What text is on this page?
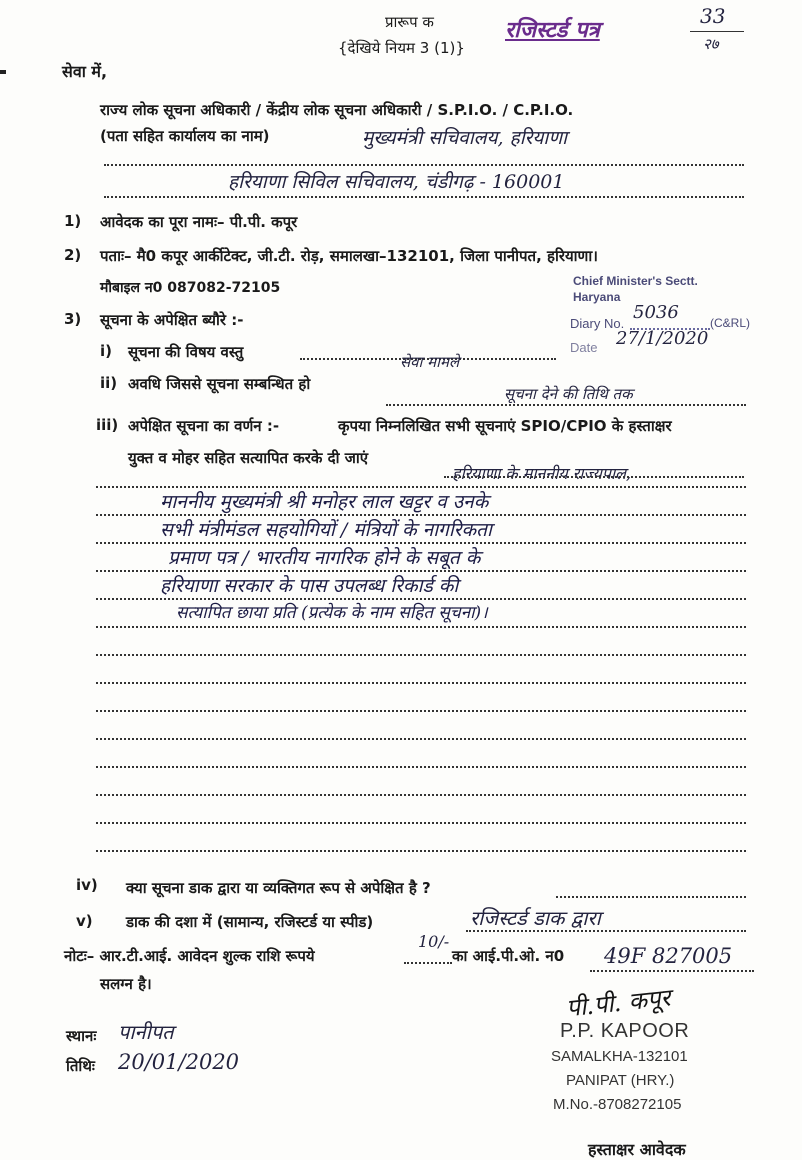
प्रारूप क
{देखिये नियम 3 (1)}
रजिस्टर्ड पत्र
33
२७
सेवा में,
राज्य लोक सूचना अधिकारी / केंद्रीय लोक सूचना अधिकारी / S.P.I.O. / C.P.I.O.
(पता सहित कार्यालय का नाम)	मुख्यमंत्री सचिवालय, हरियाणा
हरियाणा सिविल सचिवालय, चंडीगढ़ - 160001
1) आवेदक का पूरा नामः– पी.पी. कपूर
2) पताः– मै0 कपूर आर्कीटेक्ट, जी.टी. रोड़, समालखा–132101, जिला पानीपत, हरियाणा।
मौबाइल न0 087082-72105
3) सूचना के अपेक्षित ब्यौरे :-
Chief Minister's Sectt.
Haryana
Diary No.
5036	(C&RL)
Date 27/1/2020
i) सूचना की विषय वस्तु
सेवा मामले
ii) अवधि जिससे सूचना सम्बन्धित हो
सूचना देने की तिथि तक
iii) अपेक्षित सूचना का वर्णन :-	कृपया निम्नलिखित सभी सूचनाएं SPIO/CPIO के हस्ताक्षर
युक्त व मोहर सहित सत्यापित करके दी जाएं
हरियाणा के माननीय राज्यपाल,
माननीय मुख्यमंत्री श्री मनोहर लाल खट्टर व उनके
सभी मंत्रीमंडल सहयोगियों / मंत्रियों के नागरिकता
प्रमाण पत्र / भारतीय नागरिक होने के सबूत के
हरियाणा सरकार के पास उपलब्ध रिकार्ड की
सत्यापित छाया प्रति (प्रत्येक के नाम सहित सूचना)।
iv) क्या सूचना डाक द्वारा या व्यक्तिगत रूप से अपेक्षित है ?
v) डाक की दशा में (सामान्य, रजिस्टर्ड या स्पीड)	रजिस्टर्ड डाक द्वारा
नोटः– आर.टी.आई. आवेदन शुल्क राशि रूपये
10/-
का आई.पी.ओ. न0 49F 827005
सलग्न है।
स्थानः पानीपत
तिथिः 20/01/2020
पी.पी. कपूर
P.P. KAPOOR
SAMALKHA-132101
PANIPAT (HRY.)
M.No.-8708272105
हस्ताक्षर आवेदक
